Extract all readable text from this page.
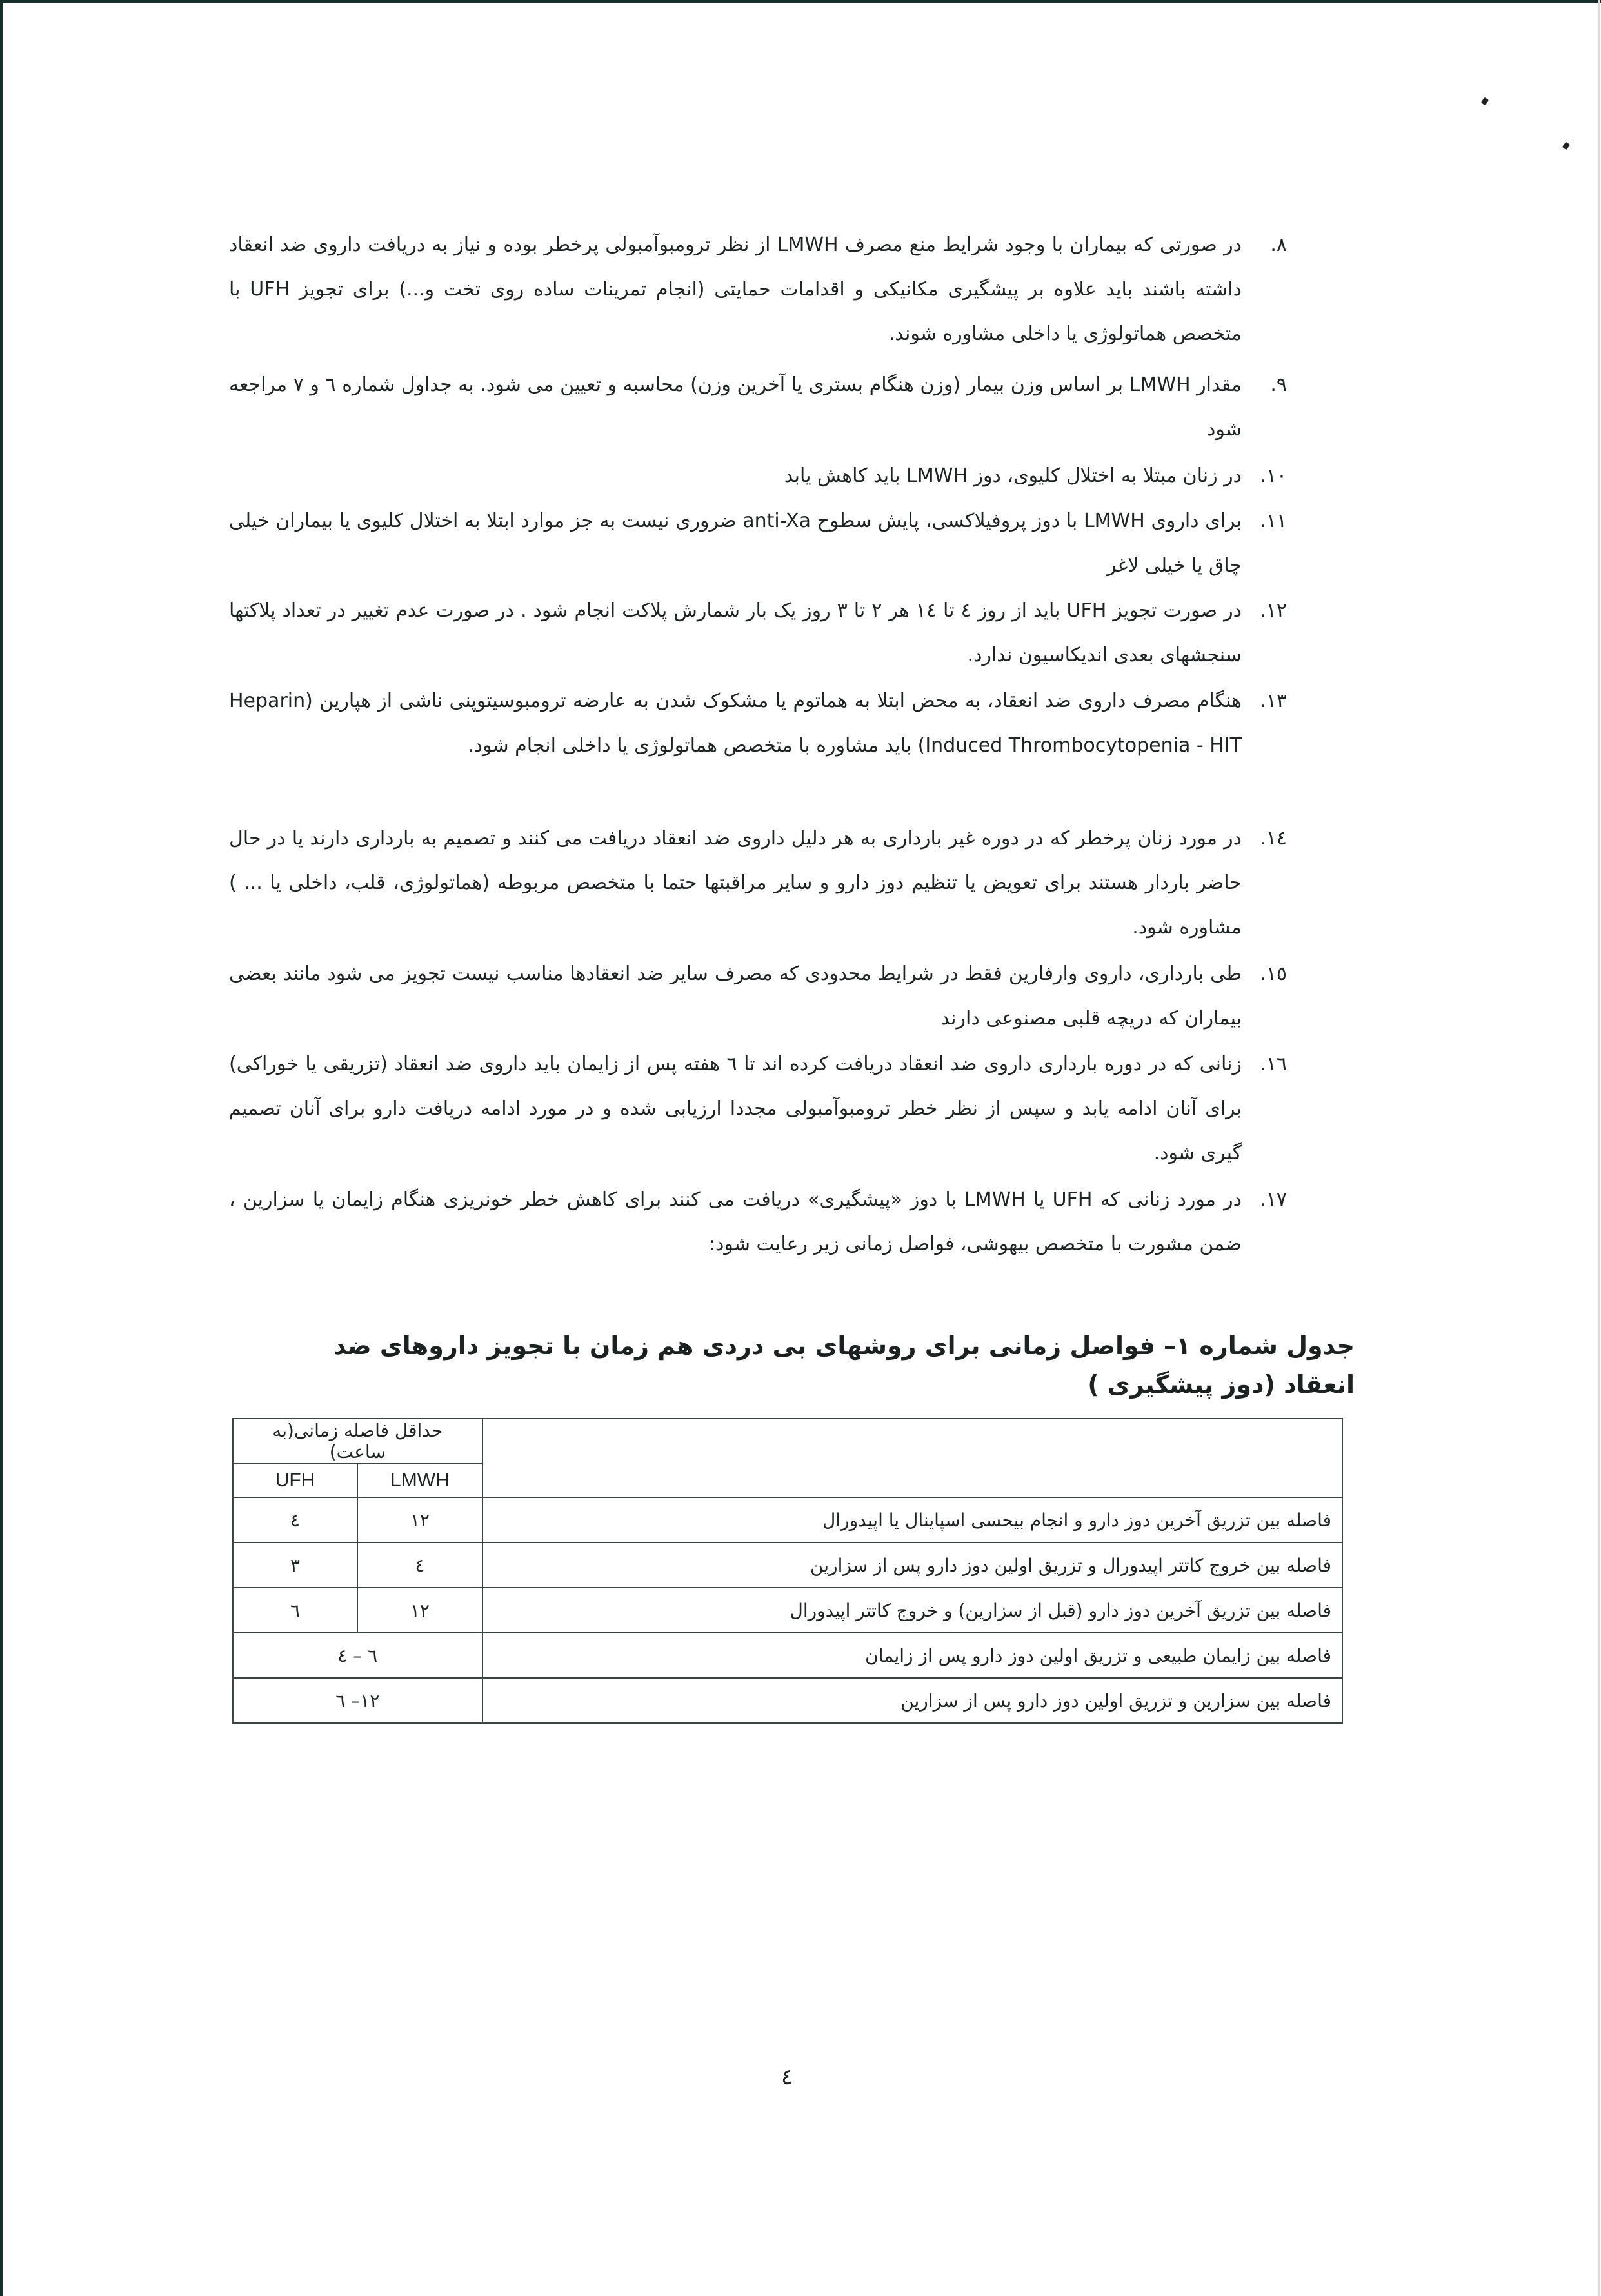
۸.
در صورتی که بیماران با وجود شرایط منع مصرف LMWH از نظر ترومبوآمبولی پرخطر بوده و نیاز به دریافت داروی ضد انعقاد داشته باشند باید علاوه بر پیشگیری مکانیکی و اقدامات حمایتی (انجام تمرینات ساده روی تخت و...) برای تجویز UFH با متخصص هماتولوژی یا داخلی مشاوره شوند.
۹.
مقدار LMWH بر اساس وزن بیمار (وزن هنگام بستری یا آخرین وزن) محاسبه و تعیین می شود. به جداول شماره ٦ و ٧ مراجعه شود
۱۰.
در زنان مبتلا به اختلال کلیوی، دوز LMWH باید کاهش یابد
۱۱.
برای داروی LMWH با دوز پروفیلاکسی، پایش سطوح anti-Xa ضروری نیست به جز موارد ابتلا به اختلال کلیوی یا بیماران خیلی چاق یا خیلی لاغر
۱۲.
در صورت تجویز UFH باید از روز ٤ تا ١٤ هر ٢ تا ٣ روز یک بار شمارش پلاکت انجام شود . در صورت عدم تغییر در تعداد پلاکتها سنجشهای بعدی اندیکاسیون ندارد.
۱۳.
هنگام مصرف داروی ضد انعقاد، به محض ابتلا به هماتوم یا مشکوک شدن به عارضه ترومبوسیتوپنی ناشی از هپارین (Heparin Induced Thrombocytopenia - HIT) باید مشاوره با متخصص هماتولوژی یا داخلی انجام شود.
۱٤.
در مورد زنان پرخطر که در دوره غیر بارداری به هر دلیل داروی ضد انعقاد دریافت می کنند و تصمیم به بارداری دارند یا در حال حاضر باردار هستند برای تعویض یا تنظیم دوز دارو و سایر مراقبتها حتما با متخصص مربوطه (هماتولوژی، قلب، داخلی یا ... ) مشاوره شود.
۱٥.
طی بارداری، داروی وارفارین فقط در شرایط محدودی که مصرف سایر ضد انعقادها مناسب نیست تجویز می شود مانند بعضی بیماران که دریچه قلبی مصنوعی دارند
۱٦.
زنانی که در دوره بارداری داروی ضد انعقاد دریافت کرده اند تا ٦ هفته پس از زایمان باید داروی ضد انعقاد (تزریقی یا خوراکی) برای آنان ادامه یابد و سپس از نظر خطر ترومبوآمبولی مجددا ارزیابی شده و در مورد ادامه دریافت دارو برای آنان تصمیم گیری شود.
۱۷.
در مورد زنانی که UFH یا LMWH با دوز «پیشگیری» دریافت می کنند برای کاهش خطر خونریزی هنگام زایمان یا سزارین ، ضمن مشورت با متخصص بیهوشی، فواصل زمانی زیر رعایت شود:
جدول شماره ١– فواصل زمانی برای روشهای بی دردی هم زمان با تجویز داروهای ضد انعقاد (دوز پیشگیری )
	حداقل فاصله زمانی(به ساعت)	
	LMWH	UFH
فاصله بین تزریق آخرین دوز دارو و انجام بیحسی اسپاینال یا اپیدورال	١٢	٤
فاصله بین خروج کاتتر اپیدورال و تزریق اولین دوز دارو پس از سزارین	٤	٣
فاصله بین تزریق آخرین دوز دارو (قبل از سزارین) و خروج کاتتر اپیدورال	١٢	٦
فاصله بین زایمان طبیعی و تزریق اولین دوز دارو پس از زایمان	٦ – ٤	
فاصله بین سزارین و تزریق اولین دوز دارو پس از سزارین	١٢– ٦	
٤
